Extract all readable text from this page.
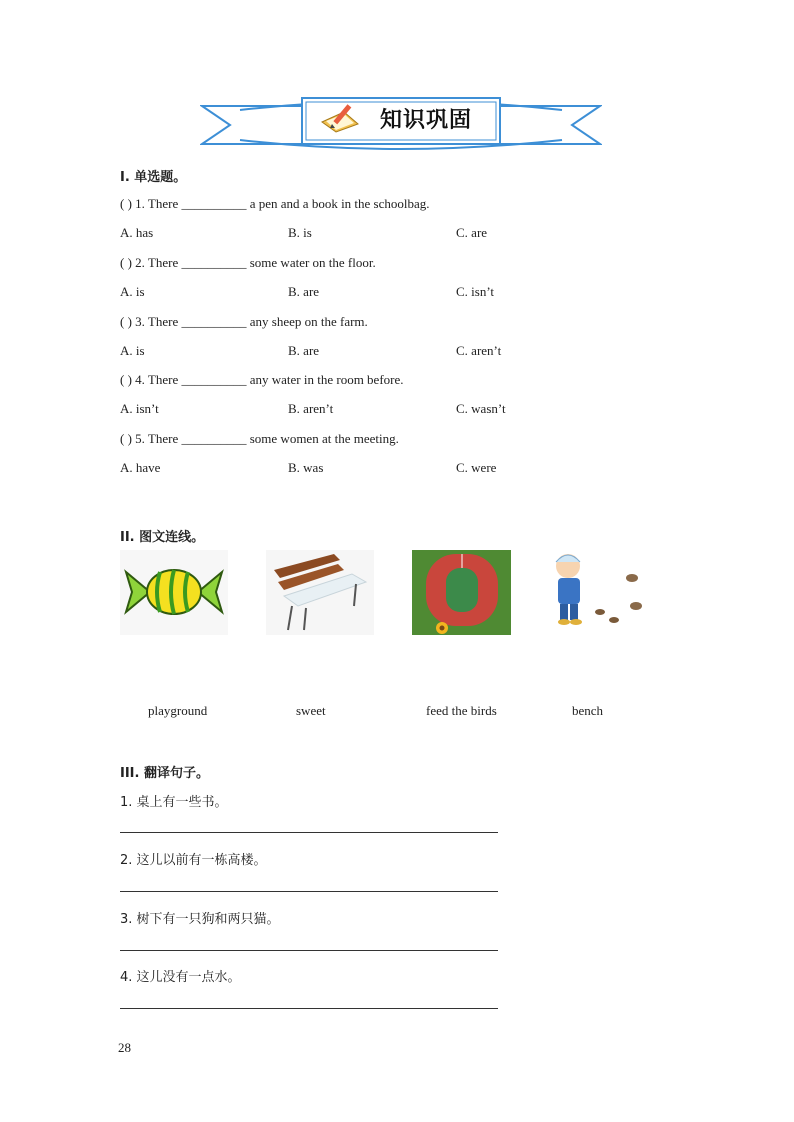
知识巩固
I. 单选题。
( ) 1. There __________ a pen and a book in the schoolbag.
A. has	B. is	C. are
( ) 2. There __________ some water on the floor.
A. is	B. are	C. isn’t
( ) 3. There __________ any sheep on the farm.
A. is	B. are	C. aren’t
( ) 4. There __________ any water in the room before.
A. isn’t	B. aren’t	C. wasn’t
( ) 5. There __________ some women at the meeting.
A. have	B. was	C. were
II. 图文连线。
playground	sweet	feed the birds	bench
III. 翻译句子。
1. 桌上有一些书。
2. 这儿以前有一栋高楼。
3. 树下有一只狗和两只猫。
4. 这儿没有一点水。
28
